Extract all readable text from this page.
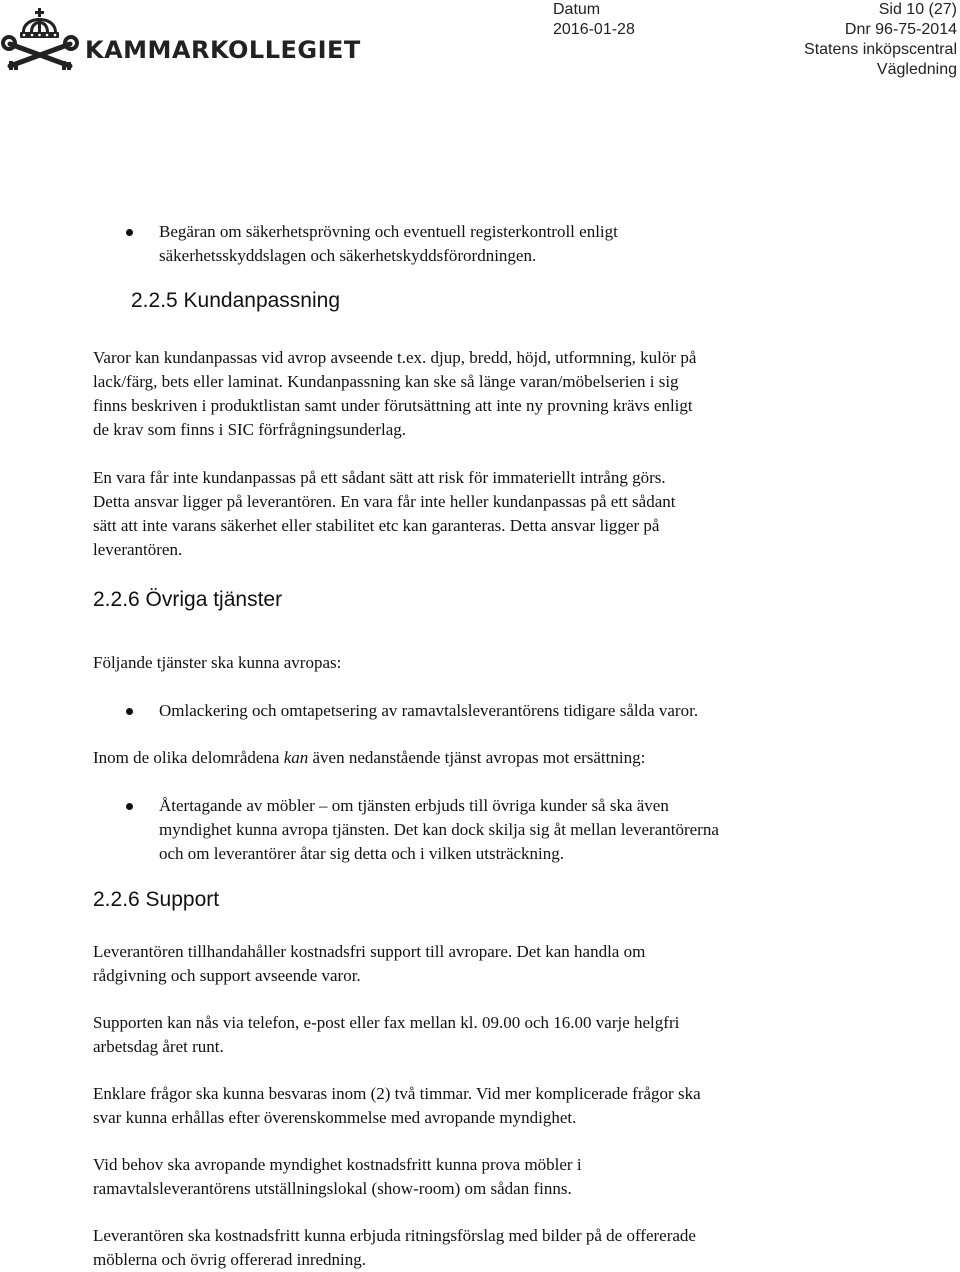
KAMMARKOLLEGIET
Datum
2016-01-28
Sid 10 (27)
Dnr 96-75-2014
Statens inköpscentral
Vägledning
Begäran om säkerhetsprövning och eventuell registerkontroll enligt säkerhetsskyddslagen och säkerhetskyddsförordningen.
2.2.5 Kundanpassning

Varor kan kundanpassas vid avrop avseende t.ex. djup, bredd, höjd, utformning, kulör på

lack/färg, bets eller laminat. Kundanpassning kan ske så länge varan/möbelserien i sig

finns beskriven i produktlistan samt under förutsättning att inte ny provning krävs enligt

de krav som finns i SIC förfrågningsunderlag.

En vara får inte kundanpassas på ett sådant sätt att risk för immateriellt intrång görs.

Detta ansvar ligger på leverantören. En vara får inte heller kundanpassas på ett sådant

sätt att inte varans säkerhet eller stabilitet etc kan garanteras. Detta ansvar ligger på

leverantören.

2.2.6 Övriga tjänster
Följande tjänster ska kunna avropas:
Omlackering och omtapetsering av ramavtalsleverantörens tidigare sålda varor.
Inom de olika delområdena kan även nedanstående tjänst avropas mot ersättning:

Återtagande av möbler – om tjänsten erbjuds till övriga kunder så ska även

myndighet kunna avropa tjänsten. Det kan dock skilja sig åt mellan leverantörerna

och om leverantörer åtar sig detta och i vilken utsträckning.

2.2.6 Support

Leverantören tillhandahåller kostnadsfri support till avropare. Det kan handla om

rådgivning och support avseende varor.

Supporten kan nås via telefon, e-post eller fax mellan kl. 09.00 och 16.00 varje helgfri

arbetsdag året runt.

Enklare frågor ska kunna besvaras inom (2) två timmar. Vid mer komplicerade frågor ska

svar kunna erhållas efter överenskommelse med avropande myndighet.

Vid behov ska avropande myndighet kostnadsfritt kunna prova möbler i

ramavtalsleverantörens utställningslokal (show-room) om sådan finns.

Leverantören ska kostnadsfritt kunna erbjuda ritningsförslag med bilder på de offererade

möblerna och övrig offererad inredning.
